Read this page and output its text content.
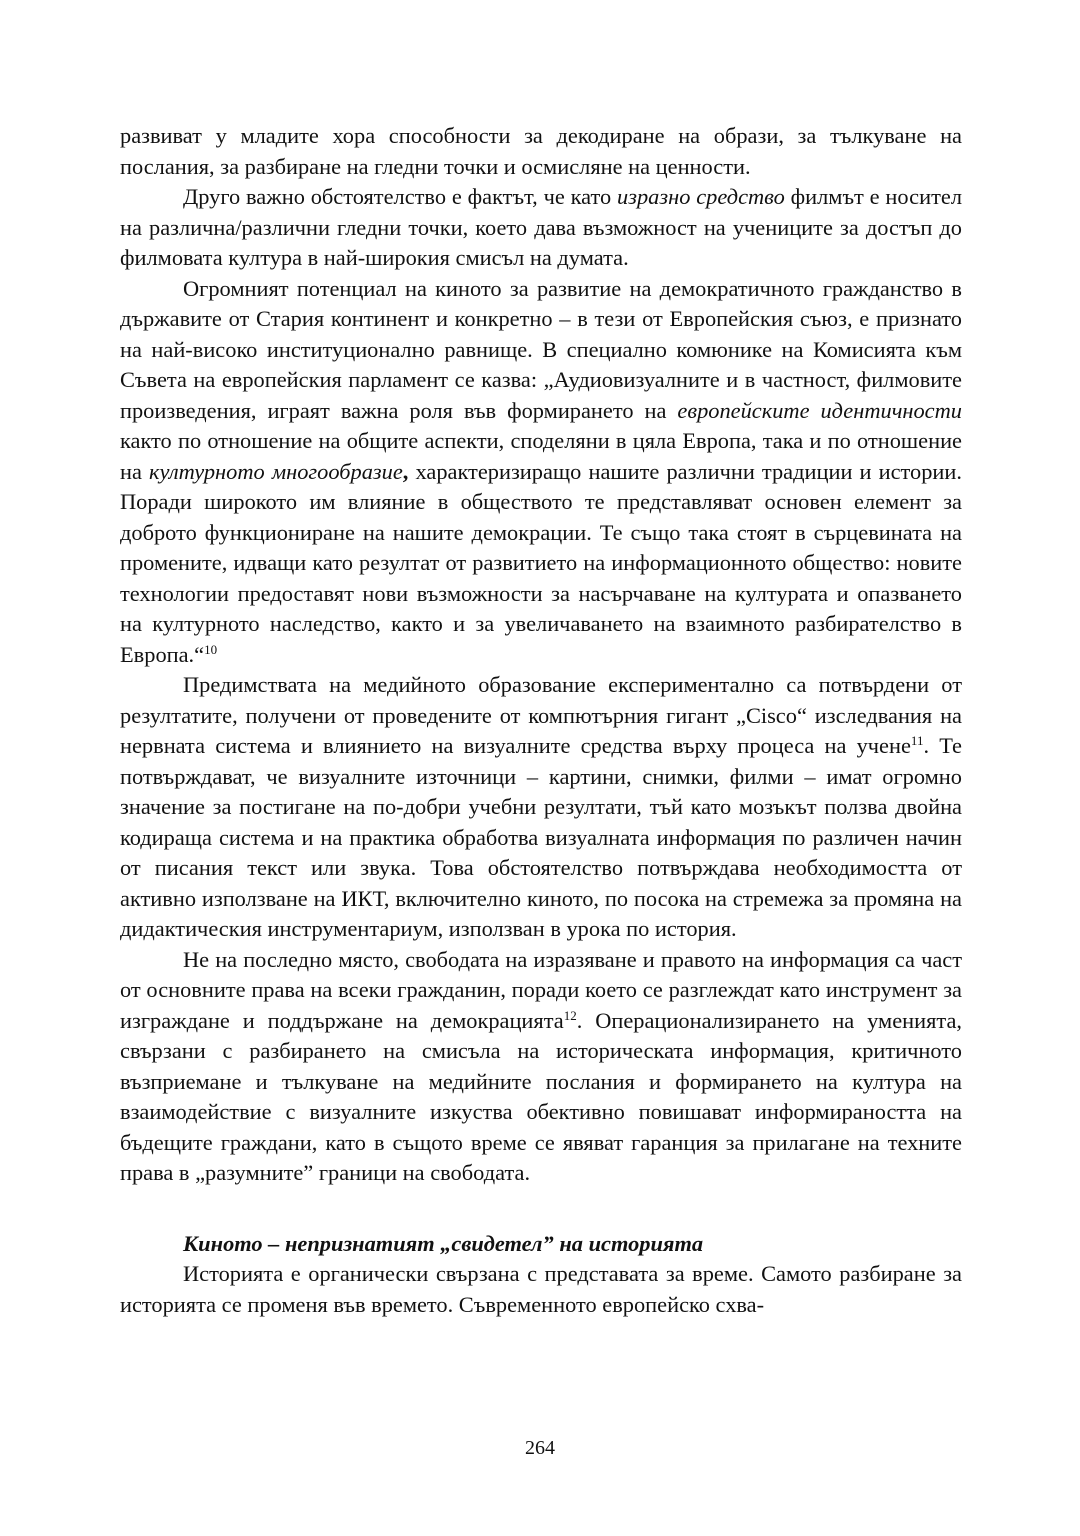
развиват у младите хора способности за декодиране на образи, за тълкуване на послания, за разбиране на гледни точки и осмисляне на ценности.

Друго важно обстоятелство е фактът, че като изразно средство филмът е носител на различна/различни гледни точки, което дава възможност на учениците за достъп до филмовата култура в най-широкия смисъл на думата.

Огромният потенциал на киното за развитие на демократичното гражданство в държавите от Стария континент и конкретно – в тези от Европейския съюз, е признато на най-високо институционално равнище. В специално комюнике на Комисията към Съвета на европейския парламент се казва: „Аудиовизуалните и в частност, филмовите произведения, играят важна роля във формирането на европейските идентичности както по отношение на общите аспекти, споделяни в цяла Европа, така и по отношение на културното многообразие, характеризиращо нашите различни традиции и истории. Поради широкото им влияние в обществото те представляват основен елемент за доброто функциониране на нашите демокрации. Те също така стоят в сърцевината на промените, идващи като резултат от развитието на информационното общество: новите технологии предоставят нови възможности за насърчаване на културата и опазването на културното наследство, както и за увеличаването на взаимното разбирателство в Европа.“$^{10}$

Предимствата на медийното образование експериментално са потвърдени от резултатите, получени от проведените от компютърния гигант „Cisco“ изследвания на нервната система и влиянието на визуалните средства върху процеса на учене$^{11}$. Те потвърждават, че визуалните източници – картини, снимки, филми – имат огромно значение за постигане на по-добри учебни резултати, тъй като мозъкът ползва двойна кодираща система и на практика обработва визуалната информация по различен начин от писания текст или звука. Това обстоятелство потвърждава необходимостта от активно използване на ИКТ, включително киното, по посока на стремежа за промяна на дидактическия инструментариум, използван в урока по история.

Не на последно място, свободата на изразяване и правото на информация са част от основните права на всеки гражданин, поради което се разглеждат като инструмент за изграждане и поддържане на демокрацията$^{12}$. Операционализирането на уменията, свързани с разбирането на смисъла на историческата информация, критичното възприемане и тълкуване на медийните послания и формирането на култура на взаимодействие с визуалните изкуства обективно повишават информираността на бъдещите граждани, като в същото време се явяват гаранция за прилагане на техните права в „разумните” граници на свободата.

Киното – непризнатият „свидетел” на историята

Историята е органически свързана с представата за време. Самото разбиране за историята се променя във времето. Съвременното европейско схва-

264
